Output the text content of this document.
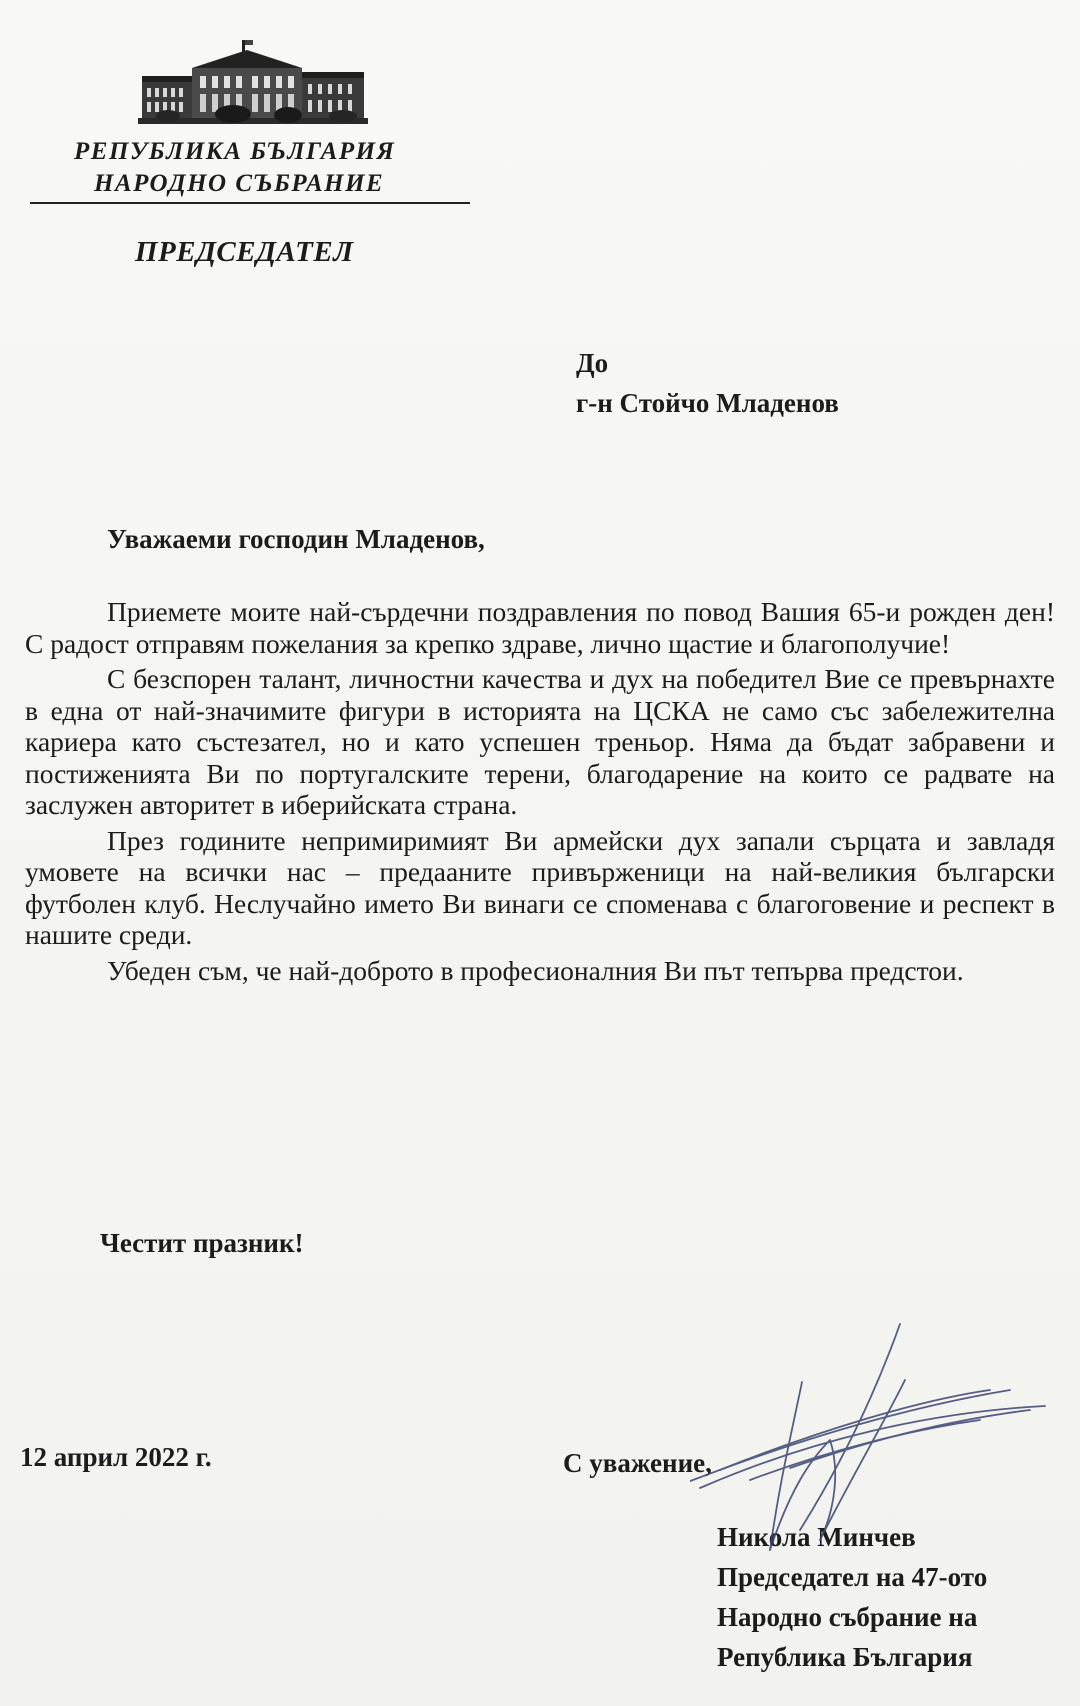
РЕПУБЛИКА БЪЛГАРИЯ
НАРОДНО СЪБРАНИЕ
ПРЕДСЕДАТЕЛ
До
г-н Стойчо Младенов
Уважаеми господин Младенов,

Приемете моите най-сърдечни поздравления по повод Вашия 65-и рожден ден! С радост отправям пожелания за крепко здраве, лично щастие и благополучие!

С безспорен талант, личностни качества и дух на победител Вие се превърнахте в една от най-значимите фигури в историята на ЦСКА не само със забележителна кариера като състезател, но и като успешен треньор. Няма да бъдат забравени и постиженията Ви по португалските терени, благодарение на които се радвате на заслужен авторитет в иберийската страна.

През годините непримиримият Ви армейски дух запали сърцата и завладя умовете на всички нас – предаaните привърженици на най-великия български футболен клуб. Неслучайно името Ви винаги се споменава с благоговение и респект в нашите среди.

Убеден съм, че най-доброто в професионалния Ви път тепърва предстои.

Честит празник!
12 април 2022 г.	С уважение,
Никола Минчев
Председател на 47-ото
Народно събрание на
Република България
